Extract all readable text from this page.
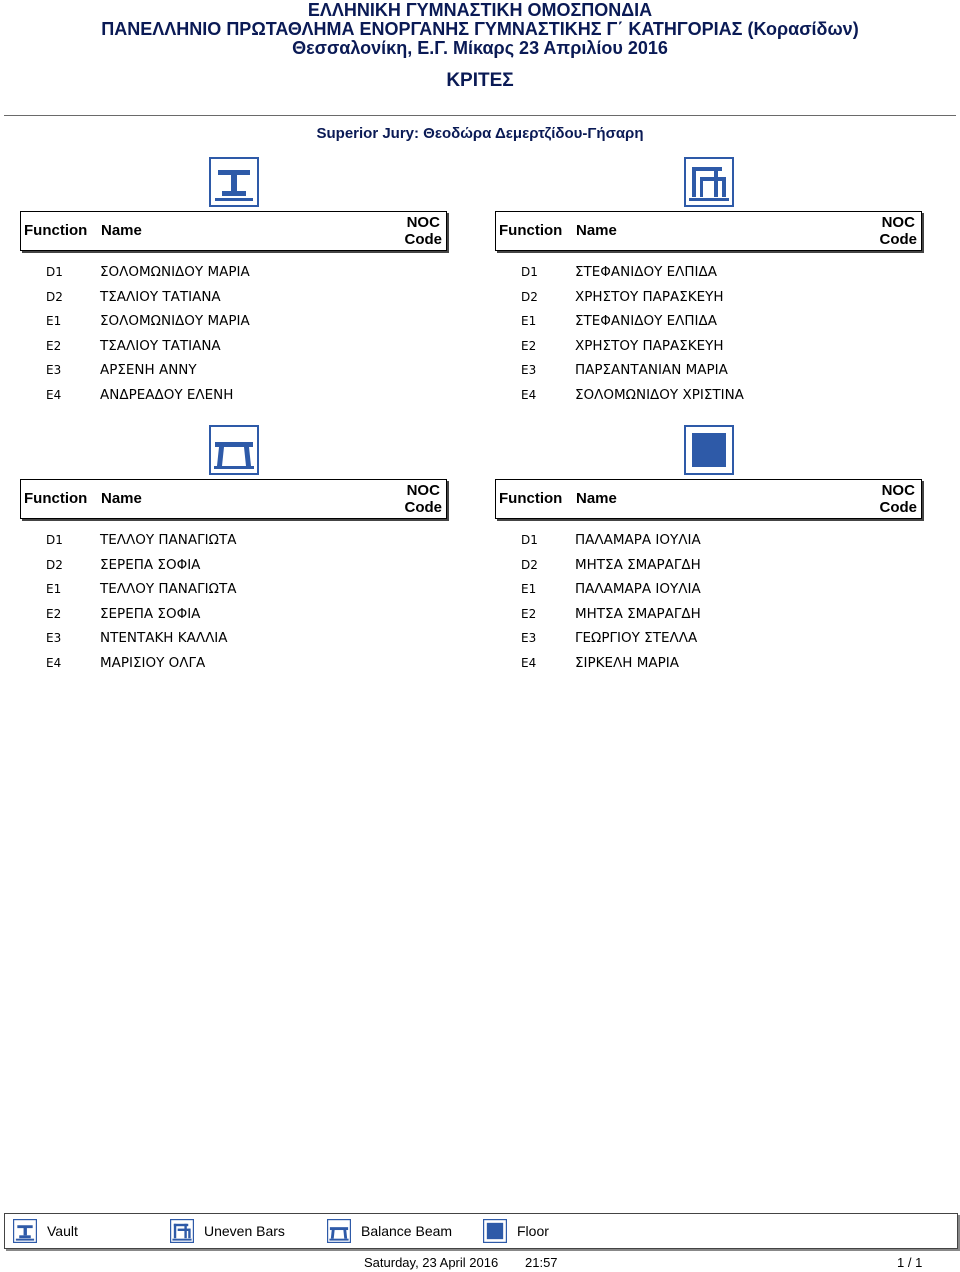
ΕΛΛΗΝΙΚΗ ΓΥΜΝΑΣΤΙΚΗ ΟΜΟΣΠΟΝΔΙΑ
ΠΑΝΕΛΛΗΝΙΟ ΠΡΩΤΑΘΛΗΜΑ ΕΝΟΡΓΑΝΗΣ ΓΥΜΝΑΣΤΙΚΗΣ Γ΄ ΚΑΤΗΓΟΡΙΑΣ (Κορασίδων)
Θεσσαλονίκη, Ε.Γ. Μίκαρς 23 Απριλίου 2016
ΚΡΙΤΕΣ
Superior Jury: Θεοδώρα Δεμερτζίδου-Γήσαρη
Function Name	NOC
Code
D1	ΣΟΛΟΜΩΝΙΔΟΥ ΜΑΡΙΑ
D2	ΤΣΑΛΙΟΥ ΤΑΤΙΑΝΑ
E1	ΣΟΛΟΜΩΝΙΔΟΥ ΜΑΡΙΑ
E2	ΤΣΑΛΙΟΥ ΤΑΤΙΑΝΑ
E3	ΑΡΣΕΝΗ ΑΝΝΥ
E4	ΑΝΔΡΕΑΔΟΥ ΕΛΕΝΗ
Function Name	NOC
Code
D1	ΣΤΕΦΑΝΙΔΟΥ ΕΛΠΙΔΑ
D2	ΧΡΗΣΤΟΥ ΠΑΡΑΣΚΕΥΗ
E1	ΣΤΕΦΑΝΙΔΟΥ ΕΛΠΙΔΑ
E2	ΧΡΗΣΤΟΥ ΠΑΡΑΣΚΕΥΗ
E3	ΠΑΡΣΑΝΤΑΝΙΑΝ ΜΑΡΙΑ
E4	ΣΟΛΟΜΩΝΙΔΟΥ ΧΡΙΣΤΙΝΑ
Function Name	NOC
Code
D1	ΤΕΛΛΟΥ ΠΑΝΑΓΙΩΤΑ
D2	ΣΕΡΕΠΑ ΣΟΦΙΑ
E1	ΤΕΛΛΟΥ ΠΑΝΑΓΙΩΤΑ
E2	ΣΕΡΕΠΑ ΣΟΦΙΑ
E3	ΝΤΕΝΤΑΚΗ ΚΑΛΛΙΑ
E4	ΜΑΡΙΣΙΟΥ ΟΛΓΑ
Function Name	NOC
Code
D1	ΠΑΛΑΜΑΡΑ ΙΟΥΛΙΑ
D2	ΜΗΤΣΑ ΣΜΑΡΑΓΔΗ
E1	ΠΑΛΑΜΑΡΑ ΙΟΥΛΙΑ
E2	ΜΗΤΣΑ ΣΜΑΡΑΓΔΗ
E3	ΓΕΩΡΓΙΟΥ ΣΤΕΛΛΑ
E4	ΣΙΡΚΕΛΗ ΜΑΡΙΑ
Vault	Uneven Bars	Balance Beam	Floor
Saturday, 23 April 2016 21:57	1 / 1
